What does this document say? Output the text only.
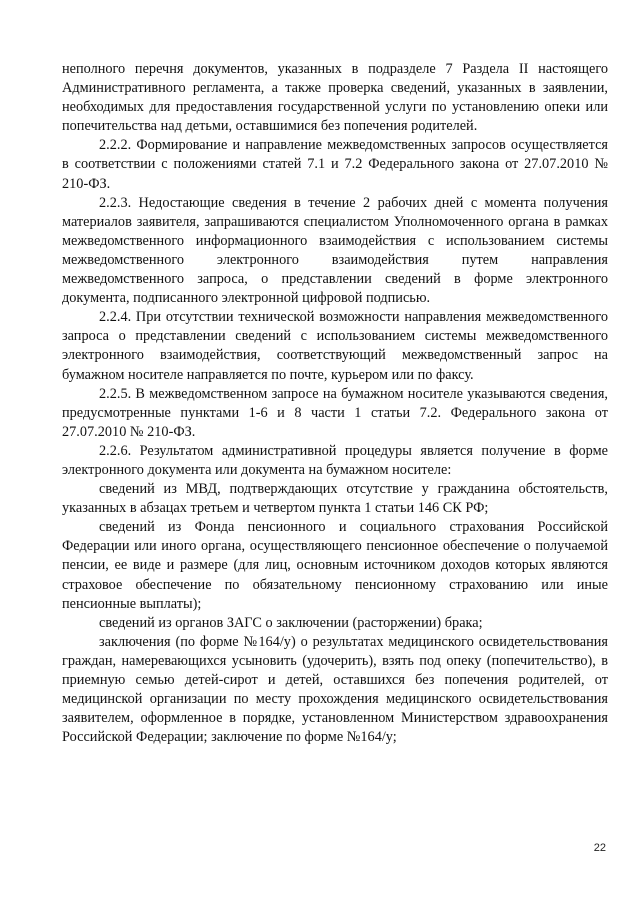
неполного перечня документов, указанных в подразделе 7 Раздела II настоящего Административного регламента, а также проверка сведений, указанных в заявлении, необходимых для предоставления государственной услуги по установлению опеки или попечительства над детьми, оставшимися без попечения родителей.

2.2.2. Формирование и направление межведомственных запросов осуществляется в соответствии с положениями статей 7.1 и 7.2 Федерального закона от 27.07.2010 № 210-ФЗ.

2.2.3. Недостающие сведения в течение 2 рабочих дней с момента получения материалов заявителя, запрашиваются специалистом Уполномоченного органа в рамках межведомственного информационного взаимодействия с использованием системы межведомственного электронного взаимодействия путем направления межведомственного запроса, о представлении сведений в форме электронного документа, подписанного электронной цифровой подписью.

2.2.4. При отсутствии технической возможности направления межведомственного запроса о представлении сведений с использованием системы межведомственного электронного взаимодействия, соответствующий межведомственный запрос на бумажном носителе направляется по почте, курьером или по факсу.

2.2.5. В межведомственном запросе на бумажном носителе указываются сведения, предусмотренные пунктами 1-6 и 8 части 1 статьи 7.2. Федерального закона от 27.07.2010 № 210-ФЗ.

2.2.6. Результатом административной процедуры является получение в форме электронного документа или документа на бумажном носителе:

сведений из МВД, подтверждающих отсутствие у гражданина обстоятельств, указанных в абзацах третьем и четвертом пункта 1 статьи 146 СК РФ;

сведений из Фонда пенсионного и социального страхования Российской Федерации или иного органа, осуществляющего пенсионное обеспечение о получаемой пенсии, ее виде и размере (для лиц, основным источником доходов которых являются страховое обеспечение по обязательному пенсионному страхованию или иные пенсионные выплаты);

сведений из органов ЗАГС о заключении (расторжении) брака;

заключения (по форме №164/у) о результатах медицинского освидетельствования граждан, намеревающихся усыновить (удочерить), взять под опеку (попечительство), в приемную семью детей-сирот и детей, оставшихся без попечения родителей, от медицинской организации по месту прохождения медицинского освидетельствования заявителем, оформленное в порядке, установленном Министерством здравоохранения Российской Федерации; заключение по форме №164/у;

22
